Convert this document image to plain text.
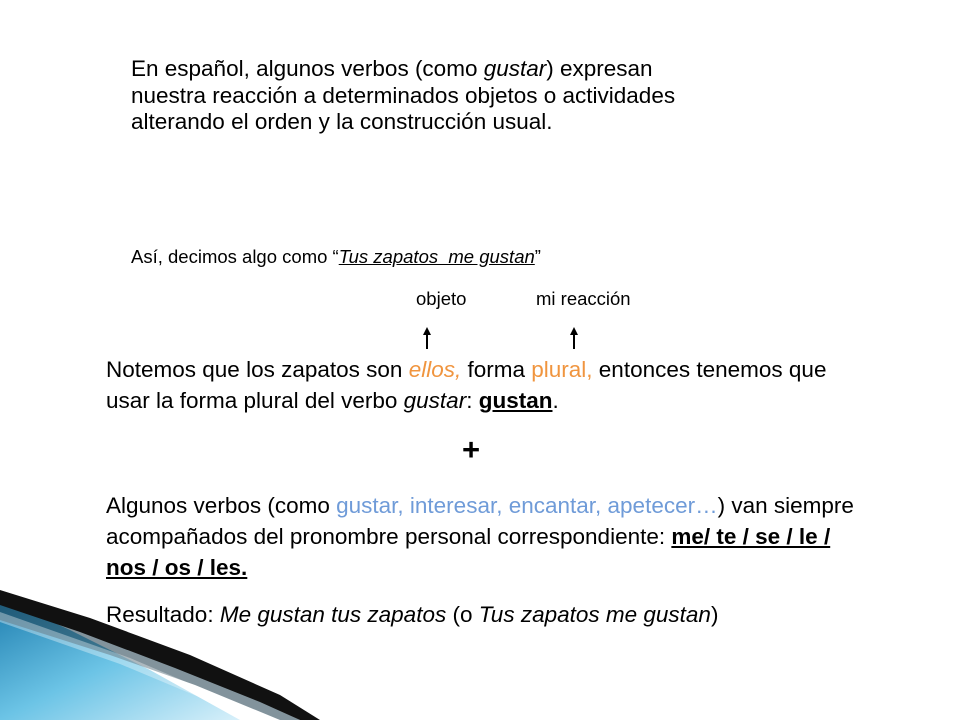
En español, algunos verbos (como gustar) expresan nuestra reacción a determinados objetos o actividades alterando el orden y la construcción usual.
Así, decimos algo como “Tus zapatos  me gustan”
objeto	mi reacción
Notemos que los zapatos son ellos, forma plural, entonces tenemos que usar la forma plural del verbo gustar: gustan.
+
Algunos verbos (como gustar, interesar, encantar, apetecer…) van siempre acompañados del pronombre personal correspondiente: me/ te / se / le / nos / os / les.
Resultado: Me gustan tus zapatos (o Tus zapatos me gustan)
